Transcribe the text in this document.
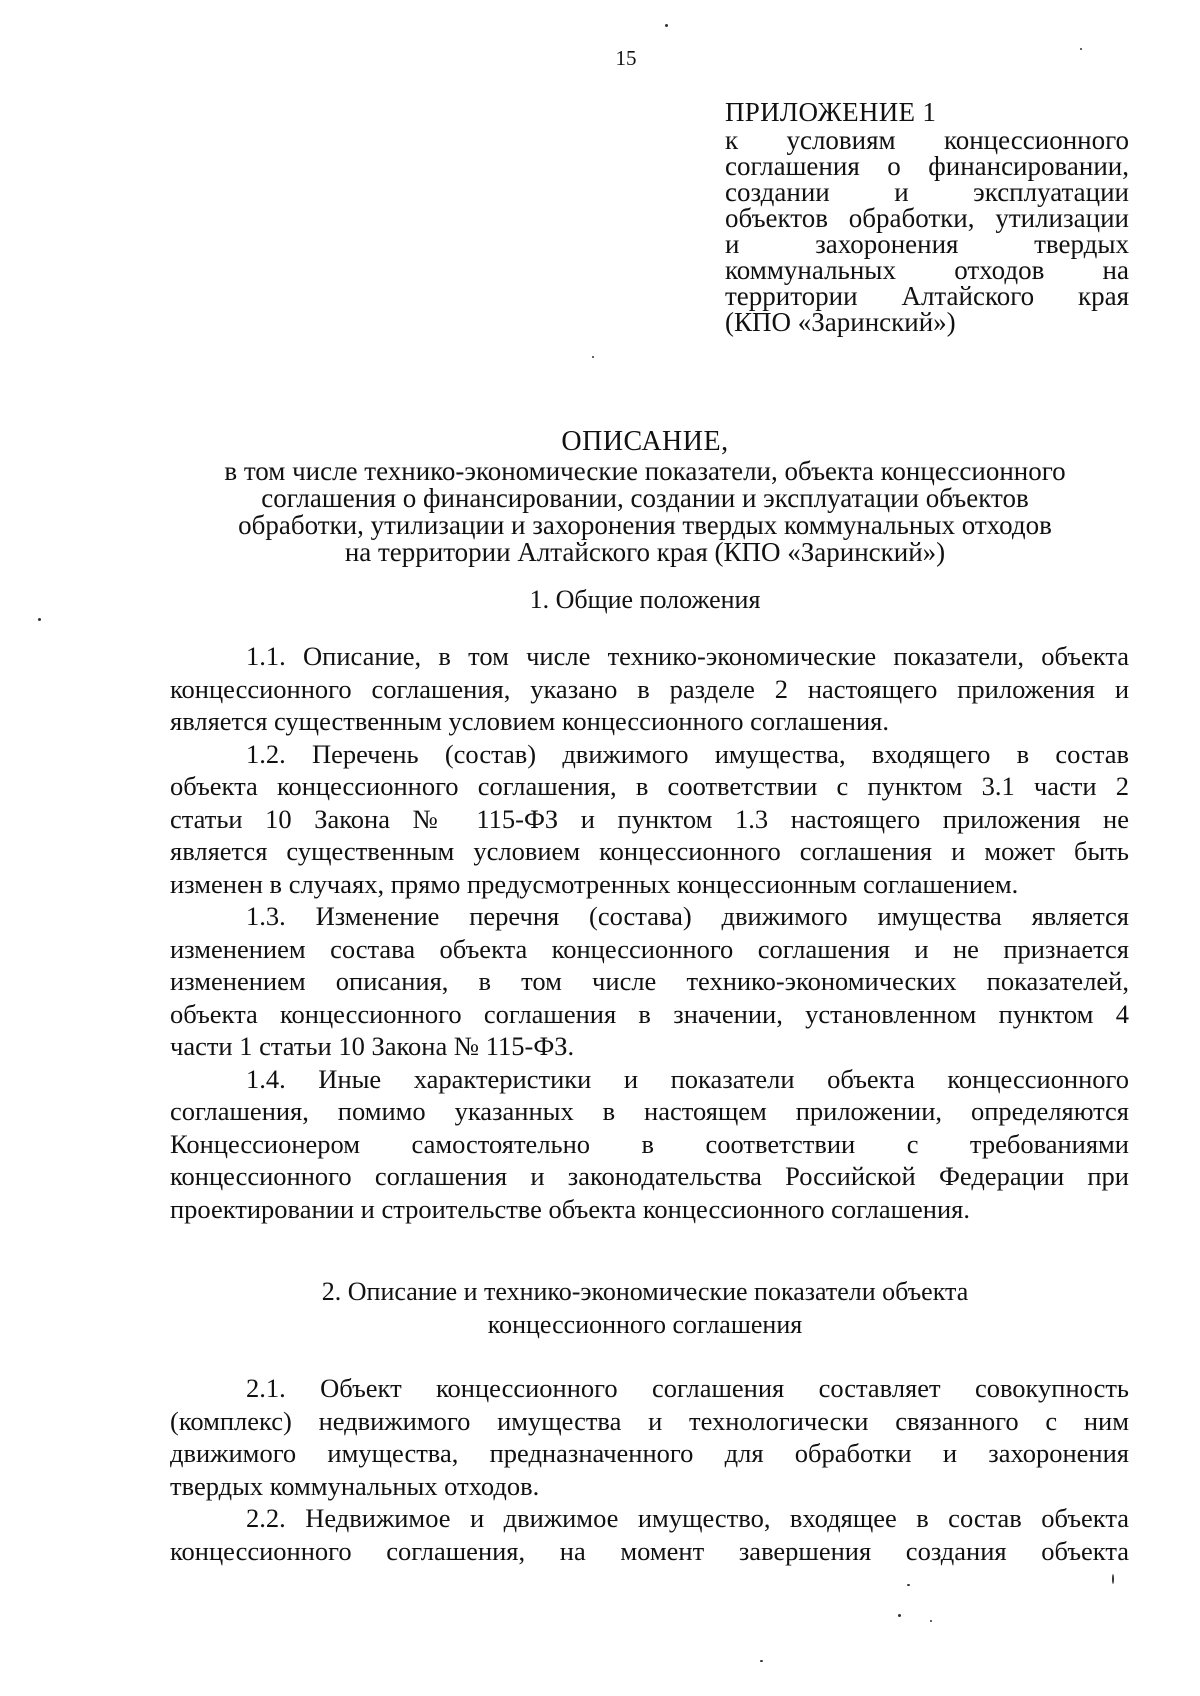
15
ПРИЛОЖЕНИЕ 1
к условиям концессионного
соглашения о финансировании,
создании и эксплуатации
объектов обработки, утилизации
и захоронения твердых
коммунальных отходов на
территории Алтайского края
(КПО «Заринский»)
ОПИСАНИЕ,
в том числе технико-экономические показатели, объекта концессионного
соглашения о финансировании, создании и эксплуатации объектов
обработки, утилизации и захоронения твердых коммунальных отходов
на территории Алтайского края (КПО «Заринский»)
1. Общие положения
1.1. Описание, в том числе технико-экономические показатели, объекта
концессионного соглашения, указано в разделе 2 настоящего приложения и
является существенным условием концессионного соглашения.
1.2. Перечень (состав) движимого имущества, входящего в состав
объекта концессионного соглашения, в соответствии с пунктом 3.1 части 2
статьи 10 Закона № 115-ФЗ и пунктом 1.3 настоящего приложения не
является существенным условием концессионного соглашения и может быть
изменен в случаях, прямо предусмотренных концессионным соглашением.
1.3. Изменение перечня (состава) движимого имущества является
изменением состава объекта концессионного соглашения и не признается
изменением описания, в том числе технико-экономических показателей,
объекта концессионного соглашения в значении, установленном пунктом 4
части 1 статьи 10 Закона № 115-ФЗ.
1.4. Иные характеристики и показатели объекта концессионного
соглашения, помимо указанных в настоящем приложении, определяются
Концессионером самостоятельно в соответствии с требованиями
концессионного соглашения и законодательства Российской Федерации при
проектировании и строительстве объекта концессионного соглашения.
2. Описание и технико-экономические показатели объекта
концессионного соглашения
2.1. Объект концессионного соглашения составляет совокупность
(комплекс) недвижимого имущества и технологически связанного с ним
движимого имущества, предназначенного для обработки и захоронения
твердых коммунальных отходов.
2.2. Недвижимое и движимое имущество, входящее в состав объекта
концессионного соглашения, на момент завершения создания объекта
